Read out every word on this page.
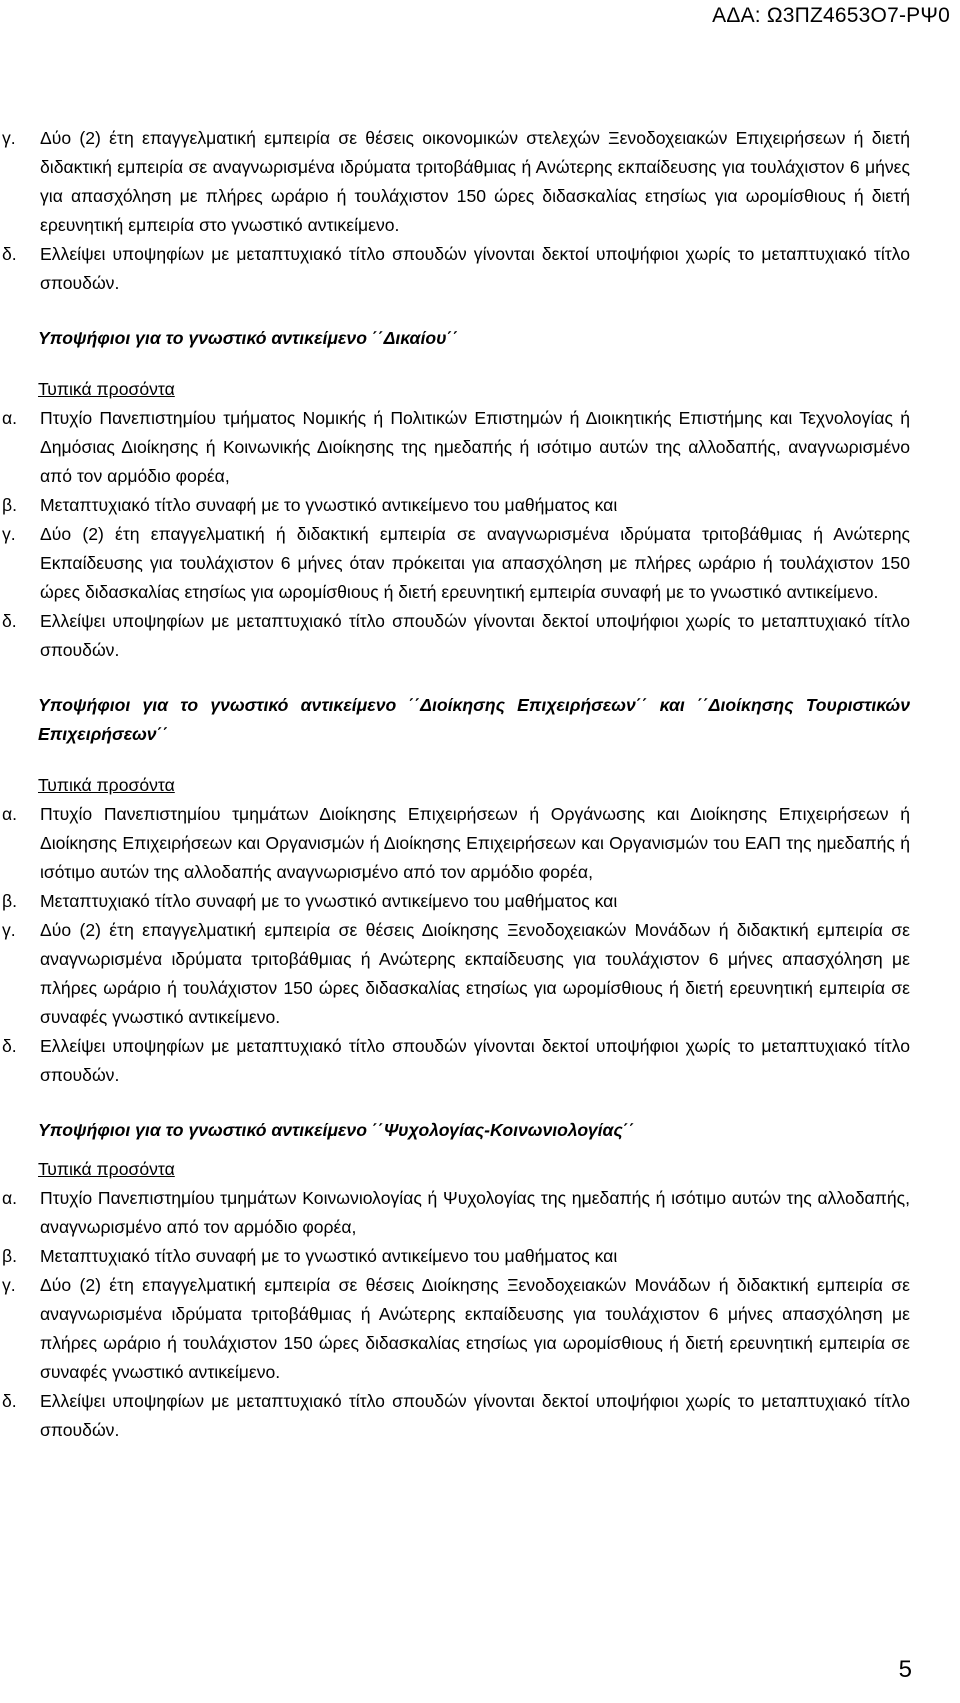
ΑΔΑ: Ω3ΠΖ4653Ο7-ΡΨ0
γ. Δύο (2) έτη επαγγελματική εμπειρία σε θέσεις οικονομικών στελεχών Ξενοδοχειακών Επιχειρήσεων ή διετή διδακτική εμπειρία σε αναγνωρισμένα ιδρύματα τριτοβάθμιας ή Ανώτερης εκπαίδευσης για τουλάχιστον 6 μήνες για απασχόληση με πλήρες ωράριο ή τουλάχιστον 150 ώρες διδασκαλίας ετησίως για ωρομίσθιους ή διετή ερευνητική εμπειρία στο γνωστικό αντικείμενο.
δ. Ελλείψει υποψηφίων με μεταπτυχιακό τίτλο σπουδών γίνονται δεκτοί υποψήφιοι χωρίς το μεταπτυχιακό τίτλο σπουδών.
Υποψήφιοι για το γνωστικό αντικείμενο ΄΄Δικαίου΄΄
Τυπικά προσόντα
α. Πτυχίο Πανεπιστημίου τμήματος Νομικής ή Πολιτικών Επιστημών ή Διοικητικής Επιστήμης και Τεχνολογίας ή Δημόσιας Διοίκησης ή Κοινωνικής Διοίκησης της ημεδαπής ή ισότιμο αυτών της αλλοδαπής, αναγνωρισμένο από τον αρμόδιο φορέα,
β. Μεταπτυχιακό τίτλο συναφή με το γνωστικό αντικείμενο του μαθήματος και
γ. Δύο (2) έτη επαγγελματική ή διδακτική εμπειρία σε αναγνωρισμένα ιδρύματα τριτοβάθμιας ή Ανώτερης Εκπαίδευσης για τουλάχιστον 6 μήνες όταν πρόκειται για απασχόληση με πλήρες ωράριο ή τουλάχιστον 150 ώρες διδασκαλίας ετησίως για ωρομίσθιους ή διετή ερευνητική εμπειρία συναφή με το γνωστικό αντικείμενο.
δ. Ελλείψει υποψηφίων με μεταπτυχιακό τίτλο σπουδών γίνονται δεκτοί υποψήφιοι χωρίς το μεταπτυχιακό τίτλο σπουδών.
Υποψήφιοι για το γνωστικό αντικείμενο ΄΄Διοίκησης Επιχειρήσεων΄΄ και ΄΄Διοίκησης Τουριστικών Επιχειρήσεων΄΄
Τυπικά προσόντα
α. Πτυχίο Πανεπιστημίου τμημάτων Διοίκησης Επιχειρήσεων ή Οργάνωσης και Διοίκησης Επιχειρήσεων ή Διοίκησης Επιχειρήσεων και Οργανισμών ή Διοίκησης Επιχειρήσεων και Οργανισμών του ΕΑΠ της ημεδαπής ή ισότιμο αυτών της αλλοδαπής αναγνωρισμένο από τον αρμόδιο φορέα,
β. Μεταπτυχιακό τίτλο συναφή με το γνωστικό αντικείμενο του μαθήματος και
γ. Δύο (2) έτη επαγγελματική εμπειρία σε θέσεις Διοίκησης Ξενοδοχειακών Μονάδων ή διδακτική εμπειρία σε αναγνωρισμένα ιδρύματα τριτοβάθμιας ή Ανώτερης εκπαίδευσης για τουλάχιστον 6 μήνες απασχόληση με πλήρες ωράριο ή τουλάχιστον 150 ώρες διδασκαλίας ετησίως για ωρομίσθιους ή διετή ερευνητική εμπειρία σε συναφές γνωστικό αντικείμενο.
δ. Ελλείψει υποψηφίων με μεταπτυχιακό τίτλο σπουδών γίνονται δεκτοί υποψήφιοι χωρίς το μεταπτυχιακό τίτλο σπουδών.
Υποψήφιοι για το γνωστικό αντικείμενο ΄΄Ψυχολογίας-Κοινωνιολογίας΄΄
Τυπικά προσόντα
α. Πτυχίο Πανεπιστημίου τμημάτων Κοινωνιολογίας ή Ψυχολογίας της ημεδαπής ή ισότιμο αυτών της αλλοδαπής, αναγνωρισμένο από τον αρμόδιο φορέα,
β. Μεταπτυχιακό τίτλο συναφή με το γνωστικό αντικείμενο του μαθήματος και
γ. Δύο (2) έτη επαγγελματική εμπειρία σε θέσεις Διοίκησης Ξενοδοχειακών Μονάδων ή διδακτική εμπειρία σε αναγνωρισμένα ιδρύματα τριτοβάθμιας ή Ανώτερης εκπαίδευσης για τουλάχιστον 6 μήνες απασχόληση με πλήρες ωράριο ή τουλάχιστον 150 ώρες διδασκαλίας ετησίως για ωρομίσθιους ή διετή ερευνητική εμπειρία σε συναφές γνωστικό αντικείμενο.
δ. Ελλείψει υποψηφίων με μεταπτυχιακό τίτλο σπουδών γίνονται δεκτοί υποψήφιοι χωρίς το μεταπτυχιακό τίτλο σπουδών.
5
